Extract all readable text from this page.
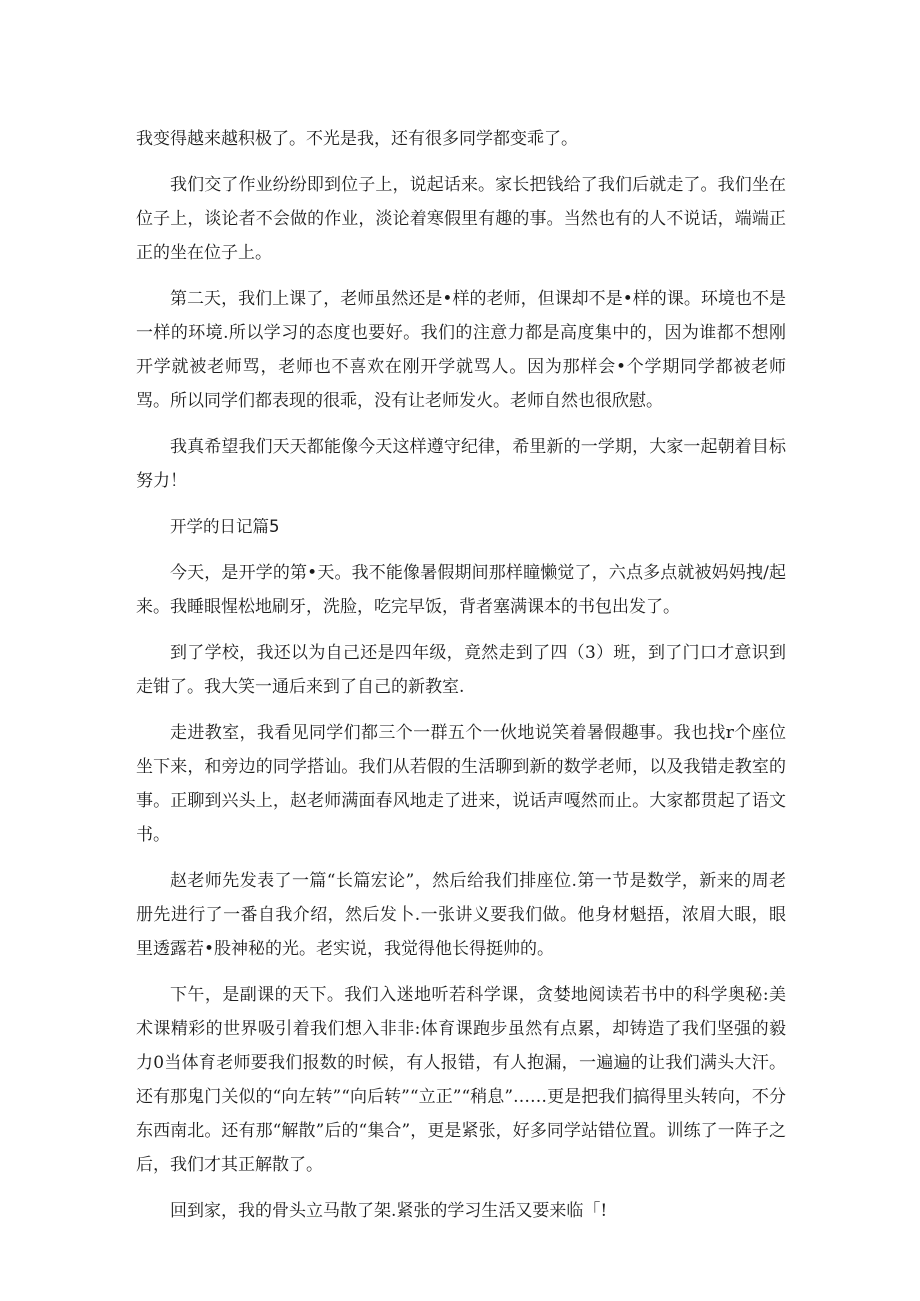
我变得越来越积极了。不光是我，还有很多同学都变乖了。

我们交了作业纷纷即到位子上，说起话来。家长把钱给了我们后就走了。我们坐在位子上，谈论者不会做的作业，淡论着寒假里有趣的事。当然也有的人不说话，端端正正的坐在位子上。

第二天，我们上课了，老师虽然还是•样的老师，但课却不是•样的课。环境也不是一样的环境.所以学习的态度也要好。我们的注意力都是高度集中的，因为谁都不想刚开学就被老师骂，老师也不喜欢在刚开学就骂人。因为那样会•个学期同学都被老师骂。所以同学们都表现的很乖，没有让老师发火。老师自然也很欣慰。

我真希望我们天天都能像今天这样遵守纪律，希里新的一学期，大家一起朝着目标努力！

开学的日记篇5

今天，是开学的第•天。我不能像暑假期间那样瞳懒觉了，六点多点就被妈妈拽/起来。我睡眼惺松地刷牙，洗脸，吃完早饭，背者塞满课本的书包出发了。

到了学校，我还以为自己还是四年级，竟然走到了四（3）班，到了门口才意识到走钳了。我大笑一通后来到了自己的新教室.

走进教室，我看见同学们都三个一群五个一伙地说笑着暑假趣事。我也找r个座位坐下来，和旁边的同学搭讪。我们从若假的生活聊到新的数学老师，以及我错走教室的事。正聊到兴头上，赵老师满面春风地走了进来，说话声嘎然而止。大家都贯起了语文书。

赵老师先发表了一篇“长篇宏论”，然后给我们排座位.第一节是数学，新来的周老册先进行了一番自我介绍，然后发卜.一张讲义要我们做。他身材魁捂，浓眉大眼，眼里透露若•股神秘的光。老实说，我觉得他长得挺帅的。

下午，是副课的天下。我们入迷地听若科学课，贪婪地阅读若书中的科学奥秘:美术课精彩的世界吸引着我们想入非非:体育课跑步虽然有点累，却铸造了我们坚强的毅力0当体育老师要我们报数的时候，有人报错，有人抱漏，一遍遍的让我们满头大汗。还有那鬼门关似的“向左转”“向后转”“立正”“稍息”……更是把我们搞得里头转向，不分东西南北。还有那“解散”后的“集合”，更是紧张，好多同学站错位置。训练了一阵子之后，我们才其正解散了。

回到家，我的骨头立马散了架.紧张的学习生活又要来临「!
